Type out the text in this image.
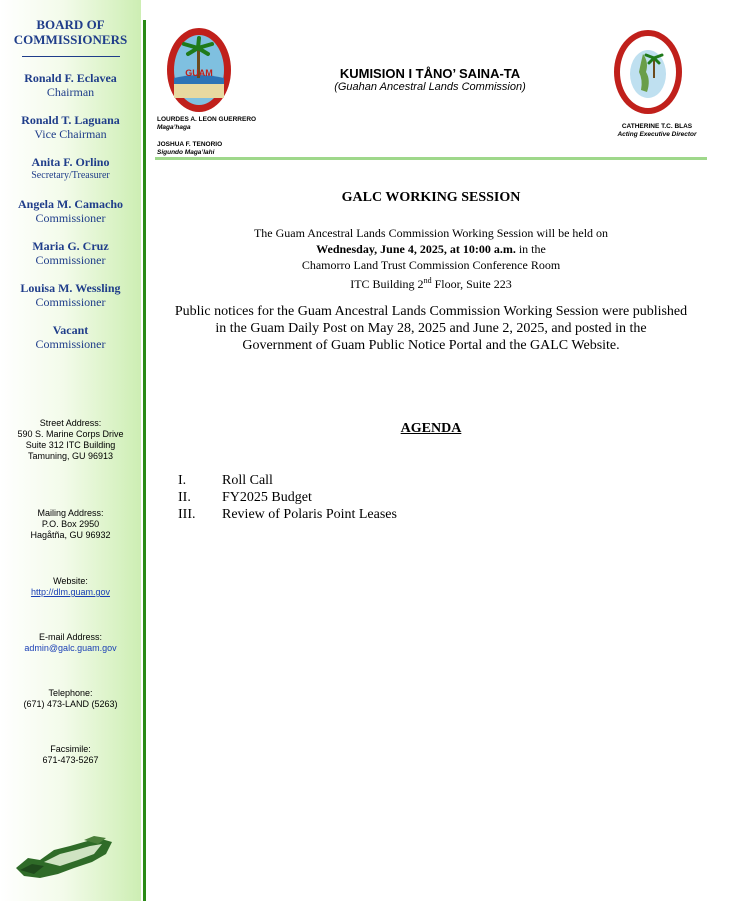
BOARD OF
COMMISSIONERS
Ronald F. Eclavea
Chairman
Ronald T. Laguana
Vice Chairman
Anita F. Orlino
Secretary/Treasurer
Angela M. Camacho
Commissioner
Maria G. Cruz
Commissioner
Louisa M. Wessling
Commissioner
Vacant
Commissioner
Street Address:
590 S. Marine Corps Drive
Suite 312 ITC Building
Tamuning, GU 96913
Mailing Address:
P.O. Box 2950
Hagåtña, GU 96932
Website:
http://dlm.guam.gov
E-mail Address:
admin@galc.guam.gov
Telephone:
(671) 473-LAND (5263)
Facsimile:
671-473-5267
GUAM
LOURDES A. LEON GUERRERO
Maga’haga
JOSHUA F. TENORIO
Sigundo Maga’lahi
KUMISION I TÅNO’ SAINA-TA
(Guahan Ancestral Lands Commission)
CATHERINE T.C. BLAS
Acting Executive Director
GALC WORKING SESSION
The Guam Ancestral Lands Commission Working Session will be held on
Wednesday, June 4, 2025, at 10:00 a.m. in the
Chamorro Land Trust Commission Conference Room
ITC Building 2nd Floor, Suite 223
Public notices for the Guam Ancestral Lands Commission Working Session were published
in the Guam Daily Post on May 28, 2025 and June 2, 2025, and posted in the
Government of Guam Public Notice Portal and the GALC Website.
AGENDA
I.	Roll Call
II.	FY2025 Budget
III.	Review of Polaris Point Leases
